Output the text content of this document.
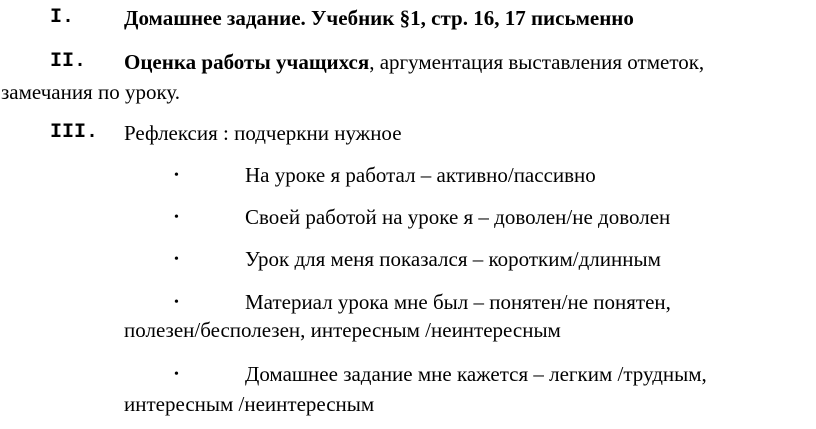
I. Домашнее задание. Учебник §1, стр. 16, 17 письменно
II. Оценка работы учащихся, аргументация выставления отметок,
замечания по уроку.
III. Рефлексия : подчеркни нужное
•	На уроке я работал – активно/пассивно
•	Своей работой на уроке я – доволен/не доволен
•	Урок для меня показался – коротким/длинным
•	Материал урока мне был – понятен/не понятен,
полезен/бесполезен, интересным /неинтересным
•	Домашнее задание мне кажется – легким /трудным,
интересным /неинтересным
